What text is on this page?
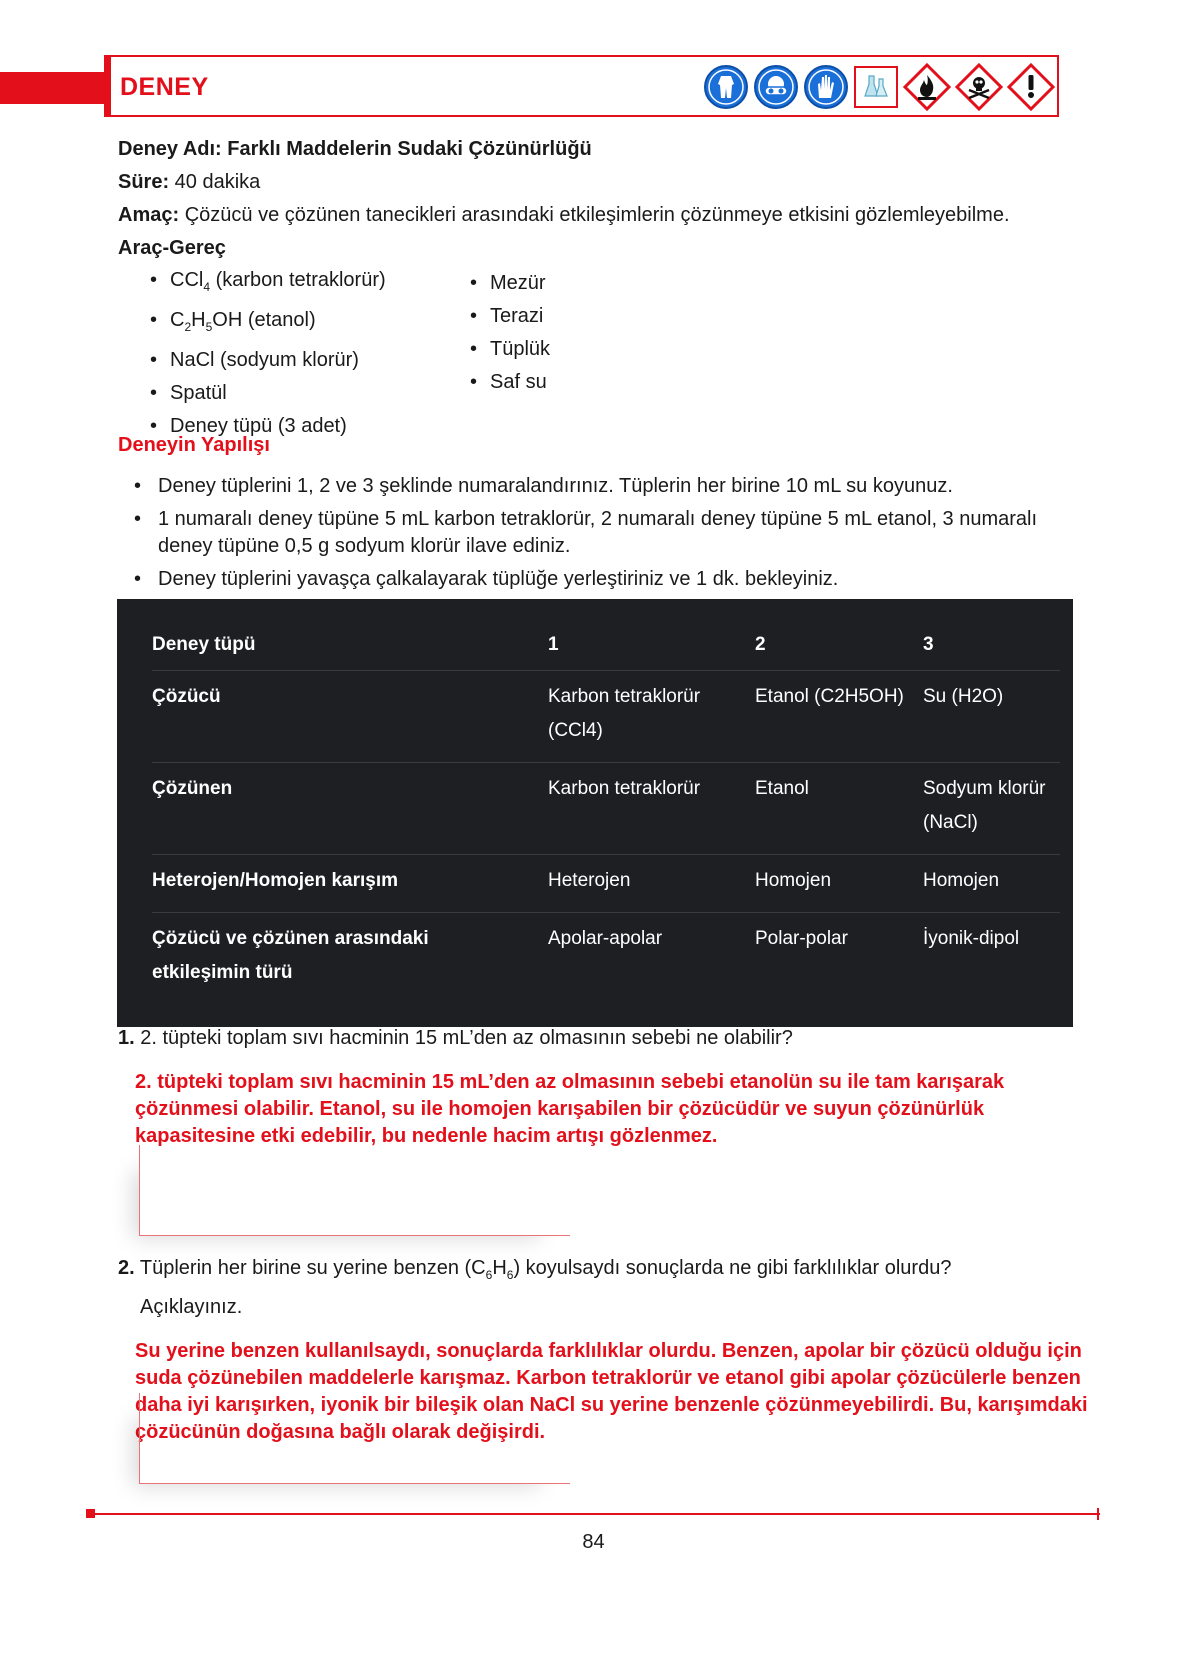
DENEY
Deney Adı: Farklı Maddelerin Sudaki Çözünürlüğü
Süre: 40 dakika
Amaç: Çözücü ve çözünen tanecikleri arasındaki etkileşimlerin çözünmeye etkisini gözlemleyebilme.
Araç-Gereç
• CCl$_4$ (karbon tetraklorür)
• $C_2H_5OH$ (etanol)
• NaCl (sodyum klorür)
• Spatül
• Deney tüpü (3 adet)
• Mezür
• Terazi
• Tüplük
• Saf su
Deneyin Yapılışı
• Deney tüplerini 1, 2 ve 3 şeklinde numaralandırınız. Tüplerin her birine 10 mL su koyunuz.
• 1 numaralı deney tüpüne 5 mL karbon tetraklorür, 2 numaralı deney tüpüne 5 mL etanol, 3 numaralı deney tüpüne 0,5 g sodyum klorür ilave ediniz.
• Deney tüplerini yavaşça çalkalayarak tüplüğe yerleştiriniz ve 1 dk. bekleyiniz.
Deney tüpü	1	2	3
Çözücü	Karbon tetraklorür (CCl4)	Etanol (C2H5OH)	Su (H2O)
Çözünen	Karbon tetraklorür	Etanol	Sodyum klorür (NaCl)
Heterojen/Homojen karışım	Heterojen	Homojen	Homojen
Çözücü ve çözünen arasındaki etkileşimin türü	Apolar-apolar	Polar-polar	İyonik-dipol
1. 2. tüpteki toplam sıvı hacminin 15 mL’den az olmasının sebebi ne olabilir?
2. tüpteki toplam sıvı hacminin 15 mL’den az olmasının sebebi etanolün su ile tam karışarak çözünmesi olabilir. Etanol, su ile homojen karışabilen bir çözücüdür ve suyun çözünürlük kapasitesine etki edebilir, bu nedenle hacim artışı gözlenmez.
2. Tüplerin her birine su yerine benzen $(C_6H_6)$ koyulsaydı sonuçlarda ne gibi farklılıklar olurdu?
Açıklayınız.
Su yerine benzen kullanılsaydı, sonuçlarda farklılıklar olurdu. Benzen, apolar bir çözücü olduğu için suda çözünebilen maddelerle karışmaz. Karbon tetraklorür ve etanol gibi apolar çözücülerle benzen daha iyi karışırken, iyonik bir bileşik olan NaCl su yerine benzenle çözünmeyebilirdi. Bu, karışımdaki çözücünün doğasına bağlı olarak değişirdi.
84
